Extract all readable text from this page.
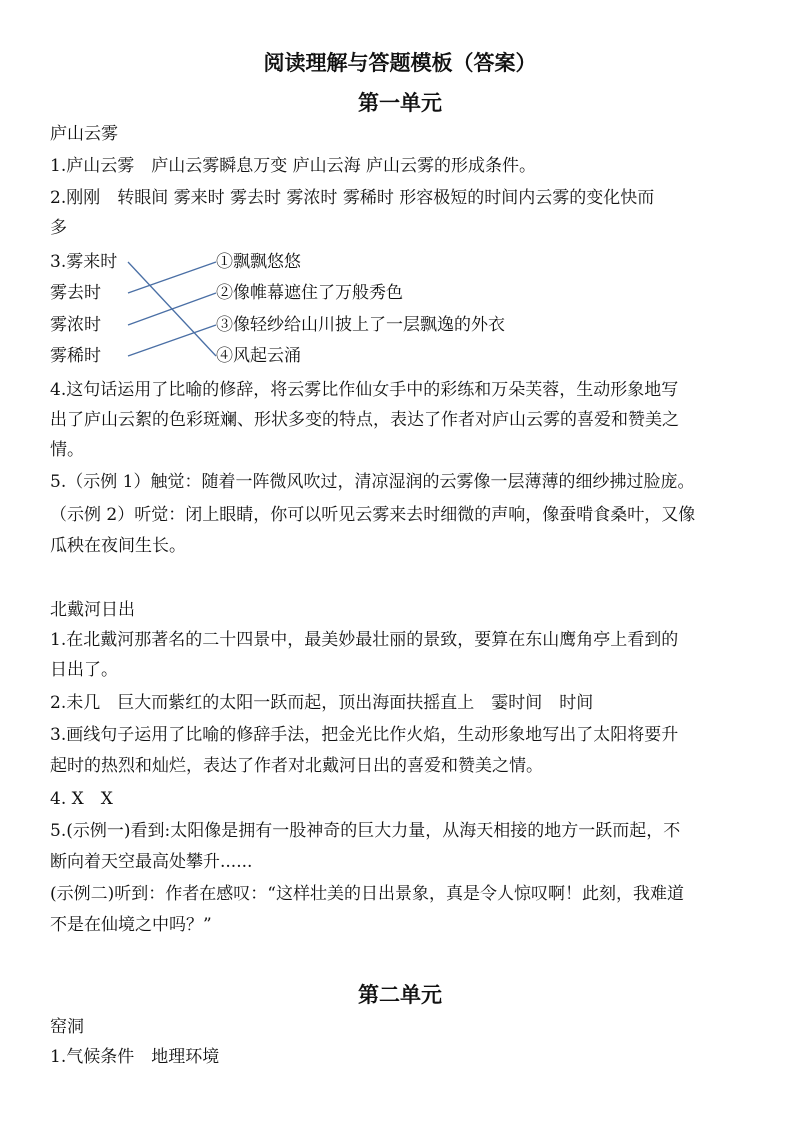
阅读理解与答题模板（答案）
第一单元
庐山云雾
1.庐山云雾　庐山云雾瞬息万变 庐山云海 庐山云雾的形成条件。
2.刚刚　转眼间 雾来时 雾去时 雾浓时 雾稀时 形容极短的时间内云雾的变化快而
多
3.雾来时
雾去时
雾浓时
雾稀时
①飘飘悠悠
②像帷幕遮住了万般秀色
③像轻纱给山川披上了一层飘逸的外衣
④风起云涌
4.这句话运用了比喻的修辞，将云雾比作仙女手中的彩练和万朵芙蓉，生动形象地写
出了庐山云絮的色彩斑斓、形状多变的特点，表达了作者对庐山云雾的喜爱和赞美之
情。
5.（示例 1）触觉：随着一阵微风吹过，清凉湿润的云雾像一层薄薄的细纱拂过脸庞。
（示例 2）听觉：闭上眼睛，你可以听见云雾来去时细微的声响，像蚕啃食桑叶，又像
瓜秧在夜间生长。
北戴河日出
1.在北戴河那著名的二十四景中，最美妙最壮丽的景致，要算在东山鹰角亭上看到的
日出了。
2.未几　巨大而紫红的太阳一跃而起，顶出海面扶摇直上　霎时间　时间
3.画线句子运用了比喻的修辞手法，把金光比作火焰，生动形象地写出了太阳将要升
起时的热烈和灿烂，表达了作者对北戴河日出的喜爱和赞美之情。
4. X　X
5.(示例一)看到:太阳像是拥有一股神奇的巨大力量，从海天相接的地方一跃而起，不
断向着天空最高处攀升......
(示例二)听到：作者在感叹：“这样壮美的日出景象，真是令人惊叹啊！此刻，我难道
不是在仙境之中吗？”
第二单元
窑洞
1.气候条件　地理环境
